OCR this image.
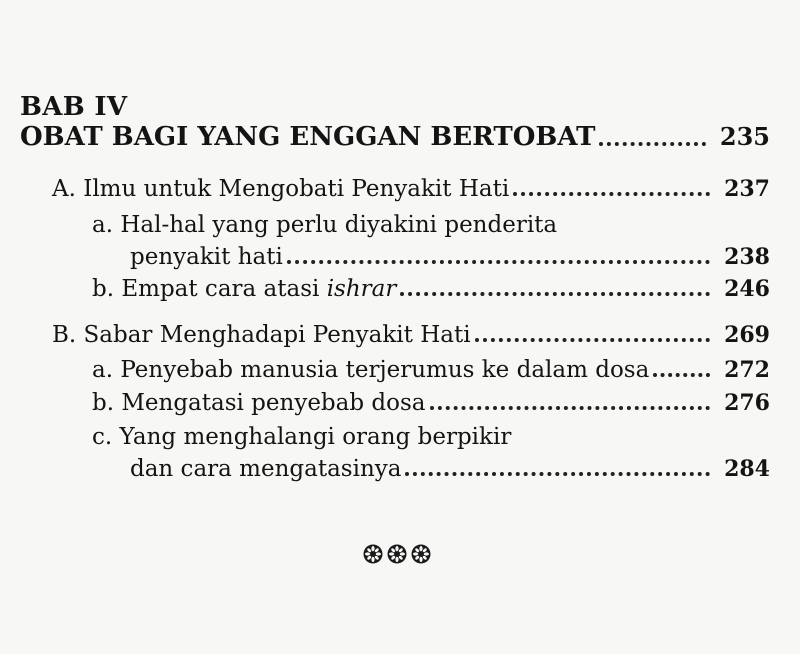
BAB IV
OBAT BAGI YANG ENGGAN BERTOBAT	235
A. Ilmu untuk Mengobati Penyakit Hati	237
a. Hal-hal yang perlu diyakini penderita
penyakit hati	238
b. Empat cara atasi ishrar	246
B. Sabar Menghadapi Penyakit Hati	269
a. Penyebab manusia terjerumus ke dalam dosa	272
b. Mengatasi penyebab dosa	276
c. Yang menghalangi orang berpikir
dan cara mengatasinya	284
